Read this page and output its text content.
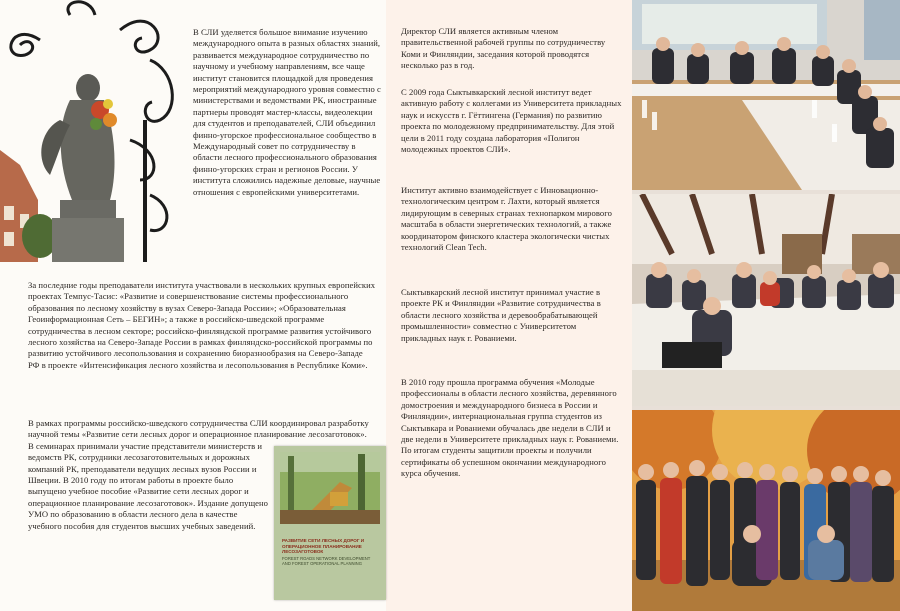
В СЛИ уделяется большое внимание изучению международного опыта в разных областях знаний, развивается международное сотрудничество по научному и учебному направлениям, все чаще институт становится площадкой для проведения мероприятий международного уровня совместно с министерствами и ведомствами РК, иностранные партнеры проводят мастер-классы, видеолекции для студентов и преподавателей, СЛИ объединил финно-угорское профессиональное сообщество в Международный совет по сотрудничеству в области лесного профессионального образования финно-угорских стран и регионов России. У института сложились надежные деловые, научные отношения с европейскими университетами.
За последние годы преподаватели института участвовали в нескольких крупных европейских проектах Темпус-Тасис: «Развитие и совершенствование системы профессионального образования по лесному хозяйству в вузах Северо-Запада России»; «Образовательная Геоинформационная Сеть – БЕГИН»; а также в российско-шведской программе сотрудничества в лесном секторе; российско-финляндской программе развития устойчивого лесного хозяйства на Северо-Западе России в рамках финляндско-российской программы по развитию устойчивого лесопользования и сохранению биоразнообразия на Северо-Западе РФ в проекте «Интенсификация лесного хозяйства и лесопользования в Республике Коми».

В рамках программы российско-шведского сотрудничества СЛИ координировал разработку научной темы «Развитие сети лесных дорог и операционное планирование лесозаготовок».

В семинарах принимали участие представители министерств и ведомств РК, сотрудники лесозаготовительных и дорожных компаний РК, преподаватели ведущих лесных вузов России и Швеции. В 2010 году по итогам работы в проекте было выпущено учебное пособие «Развитие сети лесных дорог и операционное планирование лесозаготовок». Издание допущено УМО по образованию в области лесного дела в качестве учебного пособия для студентов высших учебных заведений.

РАЗВИТИЕ СЕТИ ЛЕСНЫХ ДОРОГ И ОПЕРАЦИОННОЕ ПЛАНИРОВАНИЕ ЛЕСОЗАГОТОВОК
FOREST ROADS NETWORK DEVELOPMENT AND FOREST OPERATIONAL PLANNING
Директор СЛИ является активным членом правительственной рабочей группы по сотрудничеству Коми и Финляндии, заседания которой проводятся несколько раз в год.
С 2009 года Сыктывкарский лесной институт ведет активную работу с коллегами из Университета прикладных наук и искусств г. Гёттингена (Германия) по развитию проекта по молодежному предпринимательству. Для этой цели в 2011 году создана лаборатория «Полигон молодежных проектов СЛИ».
Институт активно взаимодействует с Инновационно-технологическим центром г. Лахти, который является лидирующим в северных странах технопарком мирового масштаба в области энергетических технологий, а также координатором финского кластера экологически чистых технологий Clean Tech.
Сыктывкарский лесной институт принимал участие в проекте РК и Финляндии «Развитие сотрудничества в области лесного хозяйства и деревообрабатывающей промышленности» совместно с Университетом прикладных наук г. Рованиеми.
В 2010 году прошла программа обучения «Молодые профессионалы в области лесного хозяйства, деревянного домостроения и международного бизнеса в России и Финляндии», интернациональная группа студентов из Сыктывкара и Рованиеми обучалась две недели в СЛИ и две недели в Университете прикладных наук г. Рованиеми. По итогам студенты защитили проекты и получили сертификаты об успешном окончании международного курса обучения.
